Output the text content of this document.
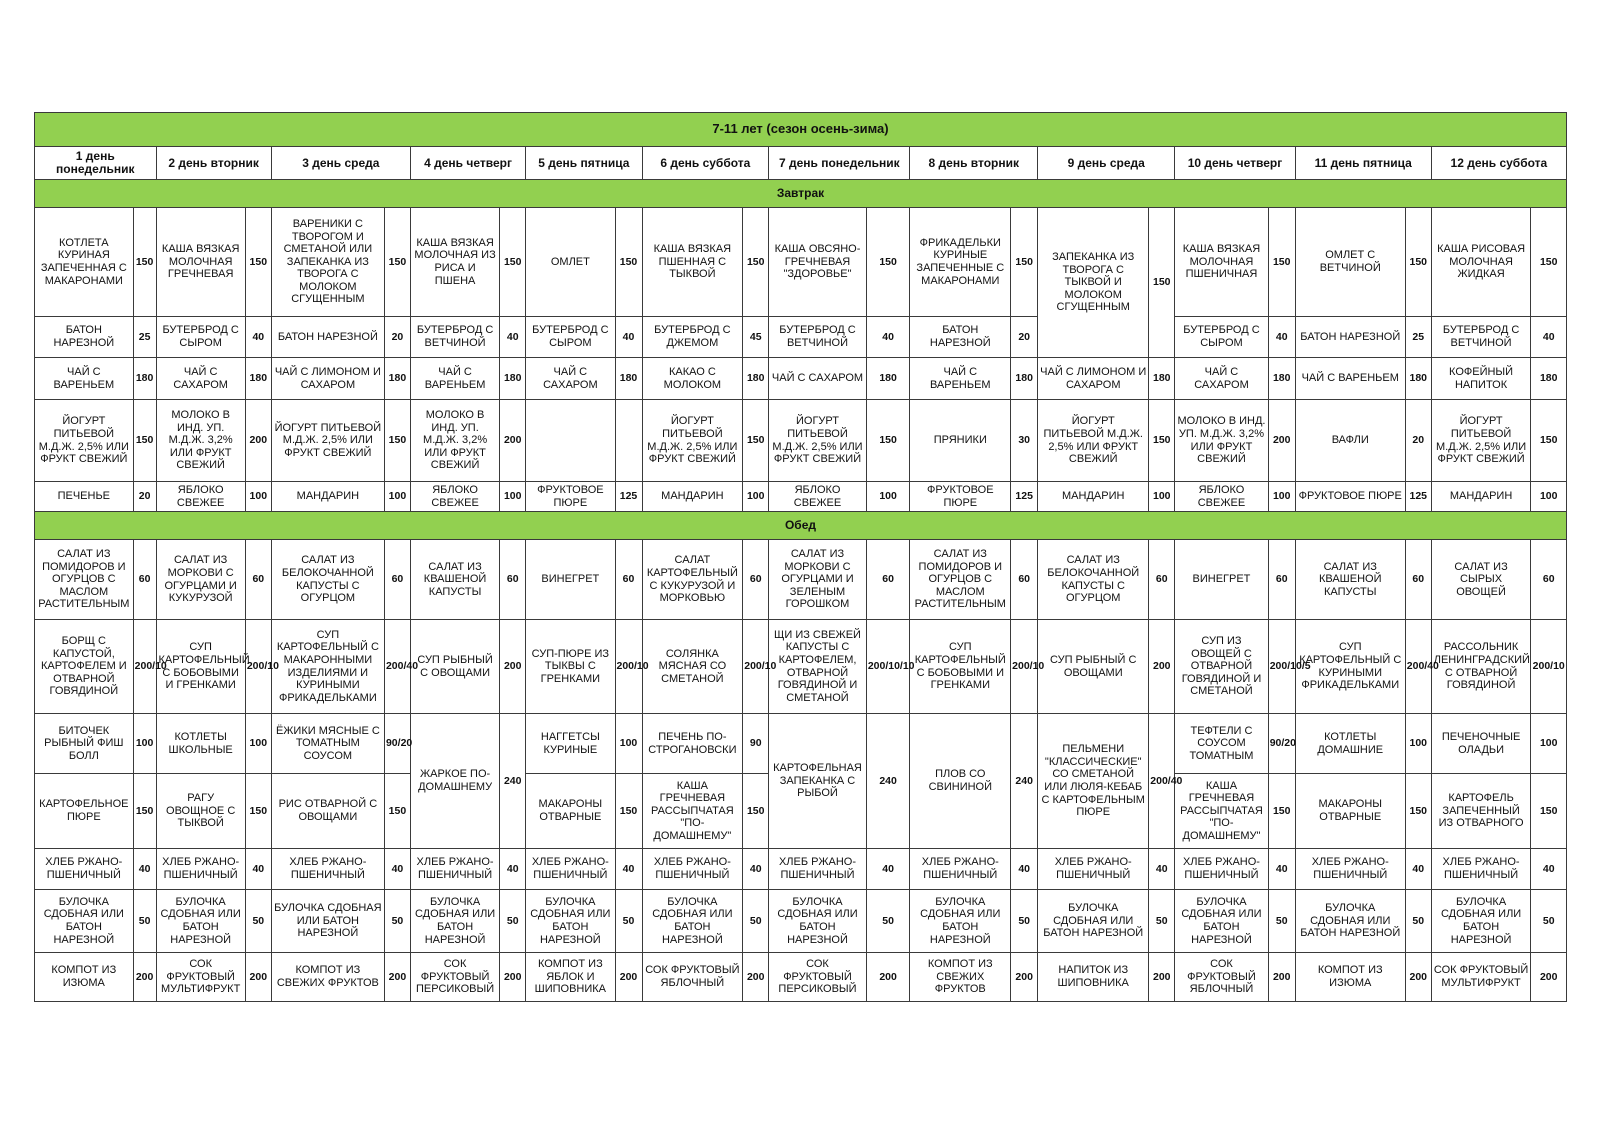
7-11 лет (сезон осень-зима)																							
1 день понедельник		2 день вторник		3 день среда		4 день четверг		5 день пятница		6 день суббота		7 день понедельник		8 день вторник		9 день среда		10 день четверг		11 день пятница		12 день суббота	
Завтрак																							
КОТЛЕТА КУРИНАЯ ЗАПЕЧЕННАЯ С МАКАРОНАМИ	150	КАША ВЯЗКАЯ МОЛОЧНАЯ ГРЕЧНЕВАЯ	150	ВАРЕНИКИ С ТВОРОГОМ И СМЕТАНОЙ ИЛИ ЗАПЕКАНКА ИЗ ТВОРОГА С МОЛОКОМ СГУЩЕННЫМ	150	КАША ВЯЗКАЯ МОЛОЧНАЯ ИЗ РИСА И ПШЕНА	150	ОМЛЕТ	150	КАША ВЯЗКАЯ ПШЕННАЯ С ТЫКВОЙ	150	КАША ОВСЯНО-ГРЕЧНЕВАЯ "ЗДОРОВЬЕ"	150	ФРИКАДЕЛЬКИ КУРИНЫЕ ЗАПЕЧЕННЫЕ С МАКАРОНАМИ	150	ЗАПЕКАНКА ИЗ ТВОРОГА С ТЫКВОЙ И МОЛОКОМ СГУЩЕННЫМ	150	КАША ВЯЗКАЯ МОЛОЧНАЯ ПШЕНИЧНАЯ	150	ОМЛЕТ С ВЕТЧИНОЙ	150	КАША РИСОВАЯ МОЛОЧНАЯ ЖИДКАЯ	150
БАТОН НАРЕЗНОЙ	25	БУТЕРБРОД С СЫРОМ	40	БАТОН НАРЕЗНОЙ	20	БУТЕРБРОД С ВЕТЧИНОЙ	40	БУТЕРБРОД С СЫРОМ	40	БУТЕРБРОД С ДЖЕМОМ	45	БУТЕРБРОД С ВЕТЧИНОЙ	40	БАТОН НАРЕЗНОЙ	20			БУТЕРБРОД С СЫРОМ	40	БАТОН НАРЕЗНОЙ	25	БУТЕРБРОД С ВЕТЧИНОЙ	40
ЧАЙ С ВАРЕНЬЕМ	180	ЧАЙ С САХАРОМ	180	ЧАЙ С ЛИМОНОМ И САХАРОМ	180	ЧАЙ С ВАРЕНЬЕМ	180	ЧАЙ С САХАРОМ	180	КАКАО С МОЛОКОМ	180	ЧАЙ С САХАРОМ	180	ЧАЙ С ВАРЕНЬЕМ	180	ЧАЙ С ЛИМОНОМ И САХАРОМ	180	ЧАЙ С САХАРОМ	180	ЧАЙ С ВАРЕНЬЕМ	180	КОФЕЙНЫЙ НАПИТОК	180
ЙОГУРТ ПИТЬЕВОЙ М.Д.Ж. 2,5% ИЛИ ФРУКТ СВЕЖИЙ	150	МОЛОКО В ИНД. УП. М.Д.Ж. 3,2% ИЛИ ФРУКТ СВЕЖИЙ	200	ЙОГУРТ ПИТЬЕВОЙ М.Д.Ж. 2,5% ИЛИ ФРУКТ СВЕЖИЙ	150	МОЛОКО В ИНД. УП. М.Д.Ж. 3,2% ИЛИ ФРУКТ СВЕЖИЙ	200			ЙОГУРТ ПИТЬЕВОЙ М.Д.Ж. 2,5% ИЛИ ФРУКТ СВЕЖИЙ	150	ЙОГУРТ ПИТЬЕВОЙ М.Д.Ж. 2,5% ИЛИ ФРУКТ СВЕЖИЙ	150	ПРЯНИКИ	30	ЙОГУРТ ПИТЬЕВОЙ М.Д.Ж. 2,5% ИЛИ ФРУКТ СВЕЖИЙ	150	МОЛОКО В ИНД. УП. М.Д.Ж. 3,2% ИЛИ ФРУКТ СВЕЖИЙ	200	ВАФЛИ	20	ЙОГУРТ ПИТЬЕВОЙ М.Д.Ж. 2,5% ИЛИ ФРУКТ СВЕЖИЙ	150
ПЕЧЕНЬЕ	20	ЯБЛОКО СВЕЖЕЕ	100	МАНДАРИН	100	ЯБЛОКО СВЕЖЕЕ	100	ФРУКТОВОЕ ПЮРЕ	125	МАНДАРИН	100	ЯБЛОКО СВЕЖЕЕ	100	ФРУКТОВОЕ ПЮРЕ	125	МАНДАРИН	100	ЯБЛОКО СВЕЖЕЕ	100	ФРУКТОВОЕ ПЮРЕ	125	МАНДАРИН	100
Обед																							
САЛАТ ИЗ ПОМИДОРОВ И ОГУРЦОВ С МАСЛОМ РАСТИТЕЛЬНЫМ	60	САЛАТ ИЗ МОРКОВИ С ОГУРЦАМИ И КУКУРУЗОЙ	60	САЛАТ ИЗ БЕЛОКОЧАННОЙ КАПУСТЫ С ОГУРЦОМ	60	САЛАТ ИЗ КВАШЕНОЙ КАПУСТЫ	60	ВИНЕГРЕТ	60	САЛАТ КАРТОФЕЛЬНЫЙ С КУКУРУЗОЙ И МОРКОВЬЮ	60	САЛАТ ИЗ МОРКОВИ С ОГУРЦАМИ И ЗЕЛЕНЫМ ГОРОШКОМ	60	САЛАТ ИЗ ПОМИДОРОВ И ОГУРЦОВ С МАСЛОМ РАСТИТЕЛЬНЫМ	60	САЛАТ ИЗ БЕЛОКОЧАННОЙ КАПУСТЫ С ОГУРЦОМ	60	ВИНЕГРЕТ	60	САЛАТ ИЗ КВАШЕНОЙ КАПУСТЫ	60	САЛАТ ИЗ СЫРЫХ ОВОЩЕЙ	60
БОРЩ С КАПУСТОЙ, КАРТОФЕЛЕМ И ОТВАРНОЙ ГОВЯДИНОЙ	200/10	СУП КАРТОФЕЛЬНЫЙ С БОБОВЫМИ И ГРЕНКАМИ	200/10	СУП КАРТОФЕЛЬНЫЙ С МАКАРОННЫМИ ИЗДЕЛИЯМИ И КУРИНЫМИ ФРИКАДЕЛЬКАМИ	200/40	СУП РЫБНЫЙ С ОВОЩАМИ	200	СУП-ПЮРЕ ИЗ ТЫКВЫ С ГРЕНКАМИ	200/10	СОЛЯНКА МЯСНАЯ СО СМЕТАНОЙ	200/10	ЩИ ИЗ СВЕЖЕЙ КАПУСТЫ С КАРТОФЕЛЕМ, ОТВАРНОЙ ГОВЯДИНОЙ И СМЕТАНОЙ	200/10/10	СУП КАРТОФЕЛЬНЫЙ С БОБОВЫМИ И ГРЕНКАМИ	200/10	СУП РЫБНЫЙ С ОВОЩАМИ	200	СУП ИЗ ОВОЩЕЙ С ОТВАРНОЙ ГОВЯДИНОЙ И СМЕТАНОЙ	200/10/5	СУП КАРТОФЕЛЬНЫЙ С КУРИНЫМИ ФРИКАДЕЛЬКАМИ	200/40	РАССОЛЬНИК ЛЕНИНГРАДСКИЙ С ОТВАРНОЙ ГОВЯДИНОЙ	200/10
БИТОЧЕК РЫБНЫЙ ФИШ БОЛЛ	100	КОТЛЕТЫ ШКОЛЬНЫЕ	100	ЁЖИКИ МЯСНЫЕ С ТОМАТНЫМ СОУСОМ	90/20	ЖАРКОЕ ПО-ДОМАШНЕМУ	240	НАГГЕТСЫ КУРИНЫЕ	100	ПЕЧЕНЬ ПО-СТРОГАНОВСКИ	90	КАРТОФЕЛЬНАЯ ЗАПЕКАНКА С РЫБОЙ	240	ПЛОВ СО СВИНИНОЙ	240	ПЕЛЬМЕНИ "КЛАССИЧЕСКИЕ" СО СМЕТАНОЙ ИЛИ ЛЮЛЯ-КЕБАБ С КАРТОФЕЛЬНЫМ ПЮРЕ	200/40	ТЕФТЕЛИ С СОУСОМ ТОМАТНЫМ	90/20	КОТЛЕТЫ ДОМАШНИЕ	100	ПЕЧЕНОЧНЫЕ ОЛАДЬИ	100
КАРТОФЕЛЬНОЕ ПЮРЕ	150	РАГУ ОВОЩНОЕ С ТЫКВОЙ	150	РИС ОТВАРНОЙ С ОВОЩАМИ	150			МАКАРОНЫ ОТВАРНЫЕ	150	КАША ГРЕЧНЕВАЯ РАССЫПЧАТАЯ "ПО-ДОМАШНЕМУ"	150							КАША ГРЕЧНЕВАЯ РАССЫПЧАТАЯ "ПО-ДОМАШНЕМУ"	150	МАКАРОНЫ ОТВАРНЫЕ	150	КАРТОФЕЛЬ ЗАПЕЧЕННЫЙ ИЗ ОТВАРНОГО	150
ХЛЕБ РЖАНО-ПШЕНИЧНЫЙ	40	ХЛЕБ РЖАНО-ПШЕНИЧНЫЙ	40	ХЛЕБ РЖАНО-ПШЕНИЧНЫЙ	40	ХЛЕБ РЖАНО-ПШЕНИЧНЫЙ	40	ХЛЕБ РЖАНО-ПШЕНИЧНЫЙ	40	ХЛЕБ РЖАНО-ПШЕНИЧНЫЙ	40	ХЛЕБ РЖАНО-ПШЕНИЧНЫЙ	40	ХЛЕБ РЖАНО-ПШЕНИЧНЫЙ	40	ХЛЕБ РЖАНО-ПШЕНИЧНЫЙ	40	ХЛЕБ РЖАНО-ПШЕНИЧНЫЙ	40	ХЛЕБ РЖАНО-ПШЕНИЧНЫЙ	40	ХЛЕБ РЖАНО-ПШЕНИЧНЫЙ	40
БУЛОЧКА СДОБНАЯ ИЛИ БАТОН НАРЕЗНОЙ	50	БУЛОЧКА СДОБНАЯ ИЛИ БАТОН НАРЕЗНОЙ	50	БУЛОЧКА СДОБНАЯ ИЛИ БАТОН НАРЕЗНОЙ	50	БУЛОЧКА СДОБНАЯ ИЛИ БАТОН НАРЕЗНОЙ	50	БУЛОЧКА СДОБНАЯ ИЛИ БАТОН НАРЕЗНОЙ	50	БУЛОЧКА СДОБНАЯ ИЛИ БАТОН НАРЕЗНОЙ	50	БУЛОЧКА СДОБНАЯ ИЛИ БАТОН НАРЕЗНОЙ	50	БУЛОЧКА СДОБНАЯ ИЛИ БАТОН НАРЕЗНОЙ	50	БУЛОЧКА СДОБНАЯ ИЛИ БАТОН НАРЕЗНОЙ	50	БУЛОЧКА СДОБНАЯ ИЛИ БАТОН НАРЕЗНОЙ	50	БУЛОЧКА СДОБНАЯ ИЛИ БАТОН НАРЕЗНОЙ	50	БУЛОЧКА СДОБНАЯ ИЛИ БАТОН НАРЕЗНОЙ	50
КОМПОТ ИЗ ИЗЮМА	200	СОК ФРУКТОВЫЙ МУЛЬТИФРУКТ	200	КОМПОТ ИЗ СВЕЖИХ ФРУКТОВ	200	СОК ФРУКТОВЫЙ ПЕРСИКОВЫЙ	200	КОМПОТ ИЗ ЯБЛОК И ШИПОВНИКА	200	СОК ФРУКТОВЫЙ ЯБЛОЧНЫЙ	200	СОК ФРУКТОВЫЙ ПЕРСИКОВЫЙ	200	КОМПОТ ИЗ СВЕЖИХ ФРУКТОВ	200	НАПИТОК ИЗ ШИПОВНИКА	200	СОК ФРУКТОВЫЙ ЯБЛОЧНЫЙ	200	КОМПОТ ИЗ ИЗЮМА	200	СОК ФРУКТОВЫЙ МУЛЬТИФРУКТ	200
